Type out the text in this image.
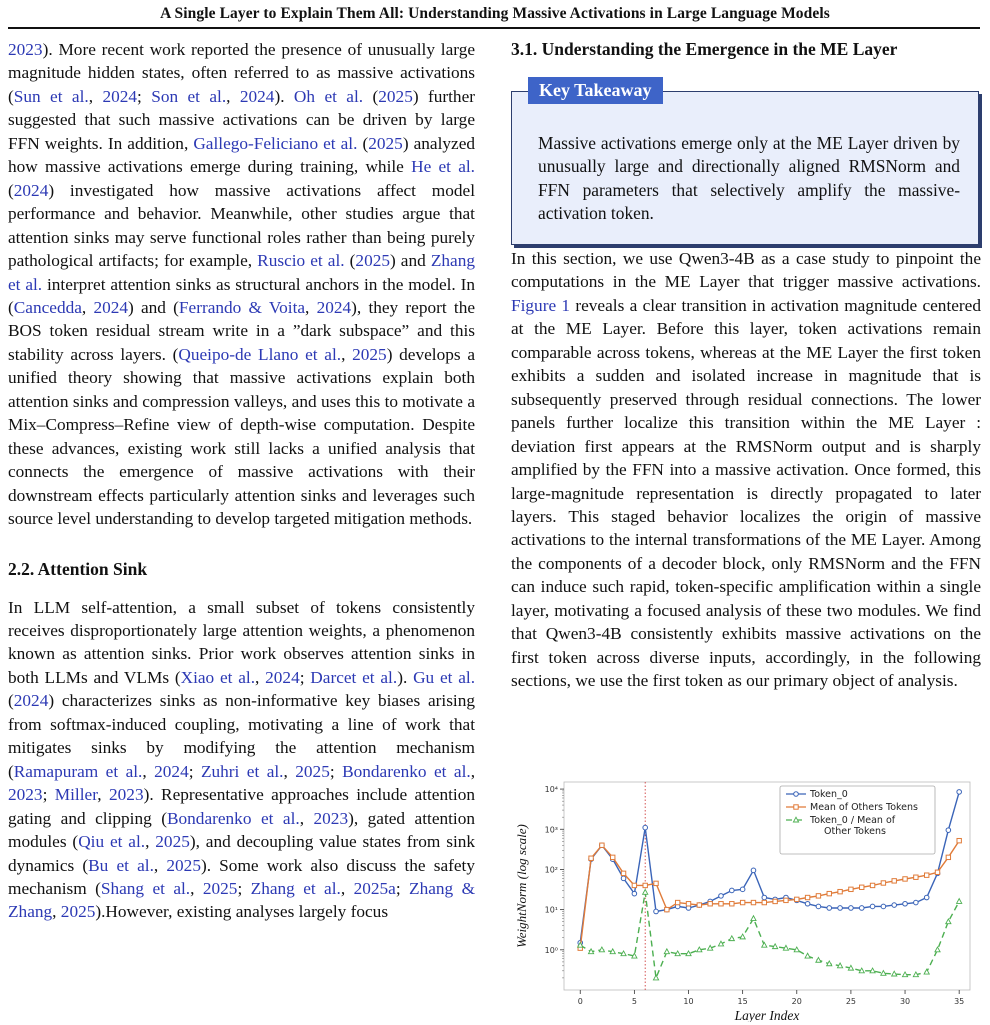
A Single Layer to Explain Them All: Understanding Massive Activations in Large Language Models

2023). More recent work reported the presence of unusually large magnitude hidden states, often referred to as massive activations (Sun et al., 2024; Son et al., 2024). Oh et al. (2025) further suggested that such massive activations can be driven by large FFN weights. In addition, Gallego-Feliciano et al. (2025) analyzed how massive activations emerge during training, while He et al. (2024) investigated how massive activations affect model performance and behavior. Meanwhile, other studies argue that attention sinks may serve functional roles rather than being purely pathological artifacts; for example, Ruscio et al. (2025) and Zhang et al. interpret attention sinks as structural anchors in the model. In (Cancedda, 2024) and (Ferrando & Voita, 2024), they report the BOS token residual stream write in a ”dark subspace” and this stability across layers. (Queipo-de Llano et al., 2025) develops a unified theory showing that massive activations explain both attention sinks and compression valleys, and uses this to motivate a Mix–Compress–Refine view of depth-wise computation. Despite these advances, existing work still lacks a unified analysis that connects the emergence of massive activations with their downstream effects particularly attention sinks and leverages such source level understanding to develop targeted mitigation methods.

2.2. Attention Sink

In LLM self-attention, a small subset of tokens consistently receives disproportionately large attention weights, a phenomenon known as attention sinks. Prior work observes attention sinks in both LLMs and VLMs (Xiao et al., 2024; Darcet et al.). Gu et al. (2024) characterizes sinks as non-informative key biases arising from softmax-induced coupling, motivating a line of work that mitigates sinks by modifying the attention mechanism (Ramapuram et al., 2024; Zuhri et al., 2025; Bondarenko et al., 2023; Miller, 2023). Representative approaches include attention gating and clipping (Bondarenko et al., 2023), gated attention modules (Qiu et al., 2025), and decoupling value states from sink dynamics (Bu et al., 2025). Some work also discuss the safety mechanism (Shang et al., 2025; Zhang et al., 2025a; Zhang & Zhang, 2025).However, existing analyses largely focus

3.1. Understanding the Emergence in the ME Layer
Massive activations emerge only at the ME Layer driven by unusually large and directionally aligned RMSNorm and FFN parameters that selectively amplify the massive-activation token.
Key Takeaway

In this section, we use Qwen3-4B as a case study to pinpoint the computations in the ME Layer that trigger massive activations. Figure 1 reveals a clear transition in activation magnitude centered at the ME Layer. Before this layer, token activations remain comparable across tokens, whereas at the ME Layer the first token exhibits a sudden and isolated increase in magnitude that is subsequently preserved through residual connections. The lower panels further localize this transition within the ME Layer : deviation first appears at the RMSNorm output and is sharply amplified by the FFN into a massive activation. Once formed, this large-magnitude representation is directly propagated to later layers. This staged behavior localizes the origin of massive activations to the internal transformations of the ME Layer. Among the components of a decoder block, only RMSNorm and the FFN can induce such rapid, token-specific amplification within a single layer, motivating a focused analysis of these two modules. We find that Qwen3-4B consistently exhibits massive activations on the first token across diverse inputs, accordingly, in the following sections, we use the first token as our primary object of analysis.

10⁰
10¹
10²
10³
10⁴
0	5	10	15	20	25	30	35
Token_0
Mean of Others Tokens
Token_0 / Mean of Other Tokens
Layer Index
WeightNorm (log scale)
